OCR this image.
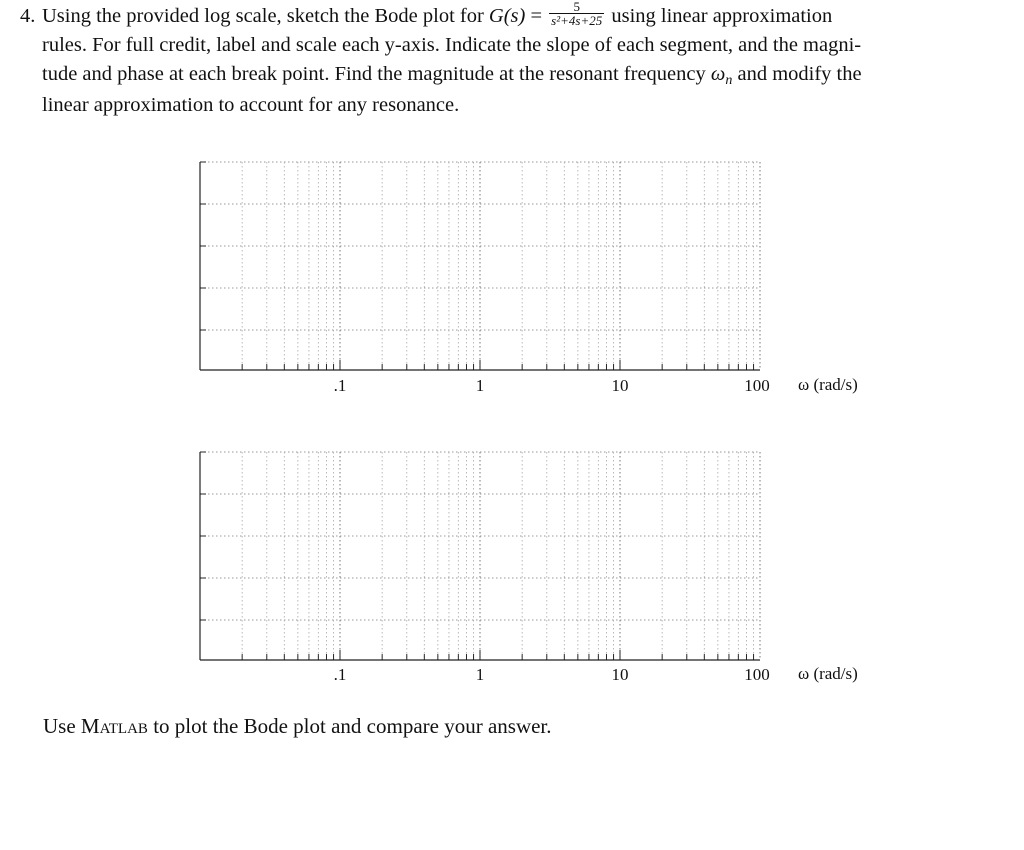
4. Using the provided log scale, sketch the Bode plot for $G(s) = \frac{5}{\text{s²+4s+25}}$ using linear approximation
rules. For full credit, label and scale each y-axis. Indicate the slope of each segment, and the magni-
tude and phase at each break point. Find the magnitude at the resonant frequency ωn and modify the
linear approximation to account for any resonance.
.1	1	10	100 ω (rad/s)
.1	1	10	100 ω (rad/s)
Use Matlab to plot the Bode plot and compare your answer.
